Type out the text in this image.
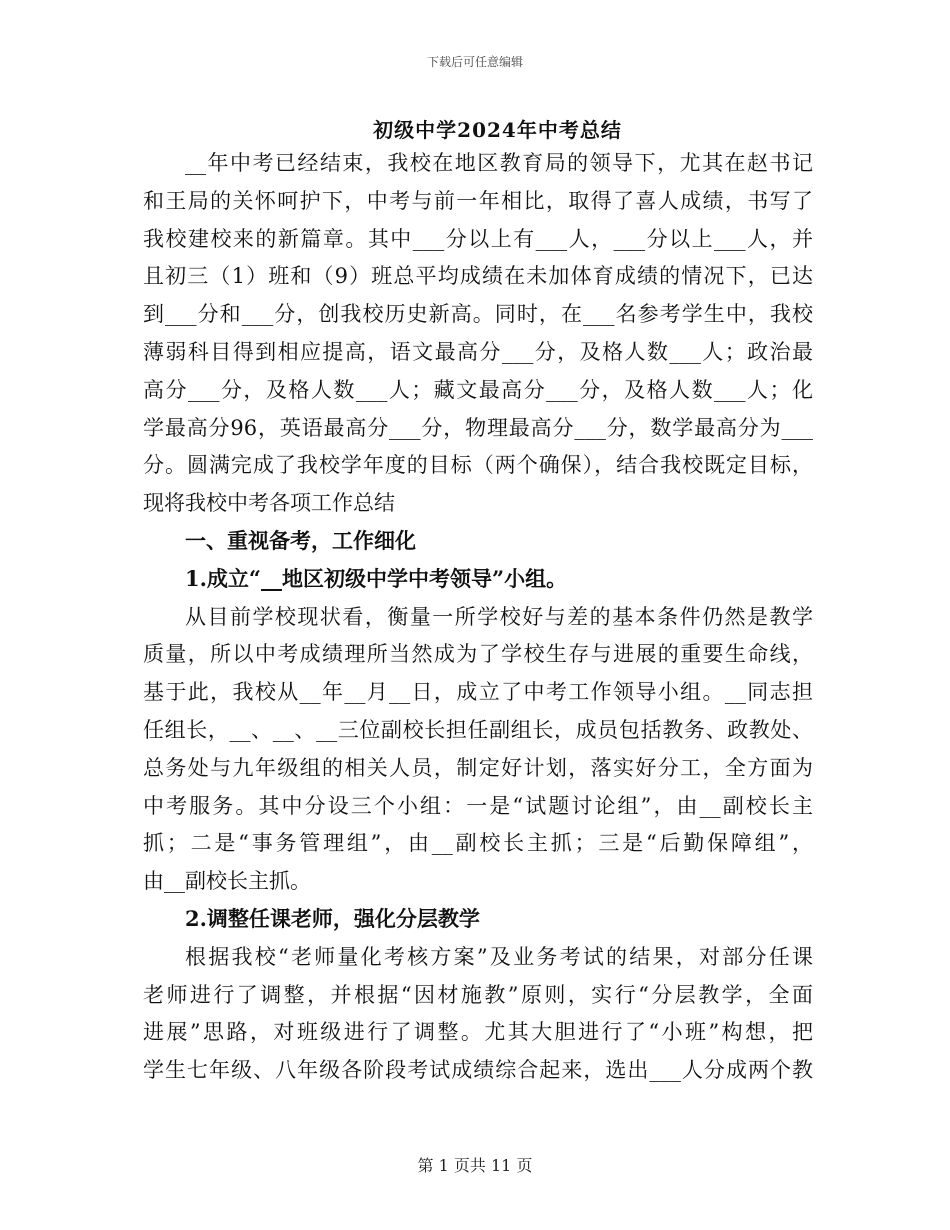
下载后可任意编辑
初级中学2024年中考总结
__年中考已经结束，我校在地区教育局的领导下，尤其在赵书记
和王局的关怀呵护下，中考与前一年相比，取得了喜人成绩，书写了
我校建校来的新篇章。其中___分以上有___人，___分以上___人，并
且初三（1）班和（9）班总平均成绩在未加体育成绩的情况下，已达
到___分和___分，创我校历史新高。同时，在___名参考学生中，我校
薄弱科目得到相应提高，语文最高分___分，及格人数___人；政治最
高分___分，及格人数___人；藏文最高分___分，及格人数___人；化
学最高分96，英语最高分___分，物理最高分___分，数学最高分为___
分。圆满完成了我校学年度的目标（两个确保），结合我校既定目标，
现将我校中考各项工作总结
一、重视备考，工作细化
1.成立“__地区初级中学中考领导”小组。
从目前学校现状看，衡量一所学校好与差的基本条件仍然是教学
质量，所以中考成绩理所当然成为了学校生存与进展的重要生命线，
基于此，我校从__年__月__日，成立了中考工作领导小组。__同志担
任组长，__、__、__三位副校长担任副组长，成员包括教务、政教处、
总务处与九年级组的相关人员，制定好计划，落实好分工，全方面为
中考服务。其中分设三个小组：一是“试题讨论组”，由__副校长主
抓；二是“事务管理组”，由__副校长主抓；三是“后勤保障组”，
由__副校长主抓。
2.调整任课老师，强化分层教学
根据我校“老师量化考核方案”及业务考试的结果，对部分任课
老师进行了调整，并根据“因材施教”原则，实行“分层教学，全面
进展”思路，对班级进行了调整。尤其大胆进行了“小班”构想，把
学生七年级、八年级各阶段考试成绩综合起来，选出___人分成两个教
第 1 页共 11 页
